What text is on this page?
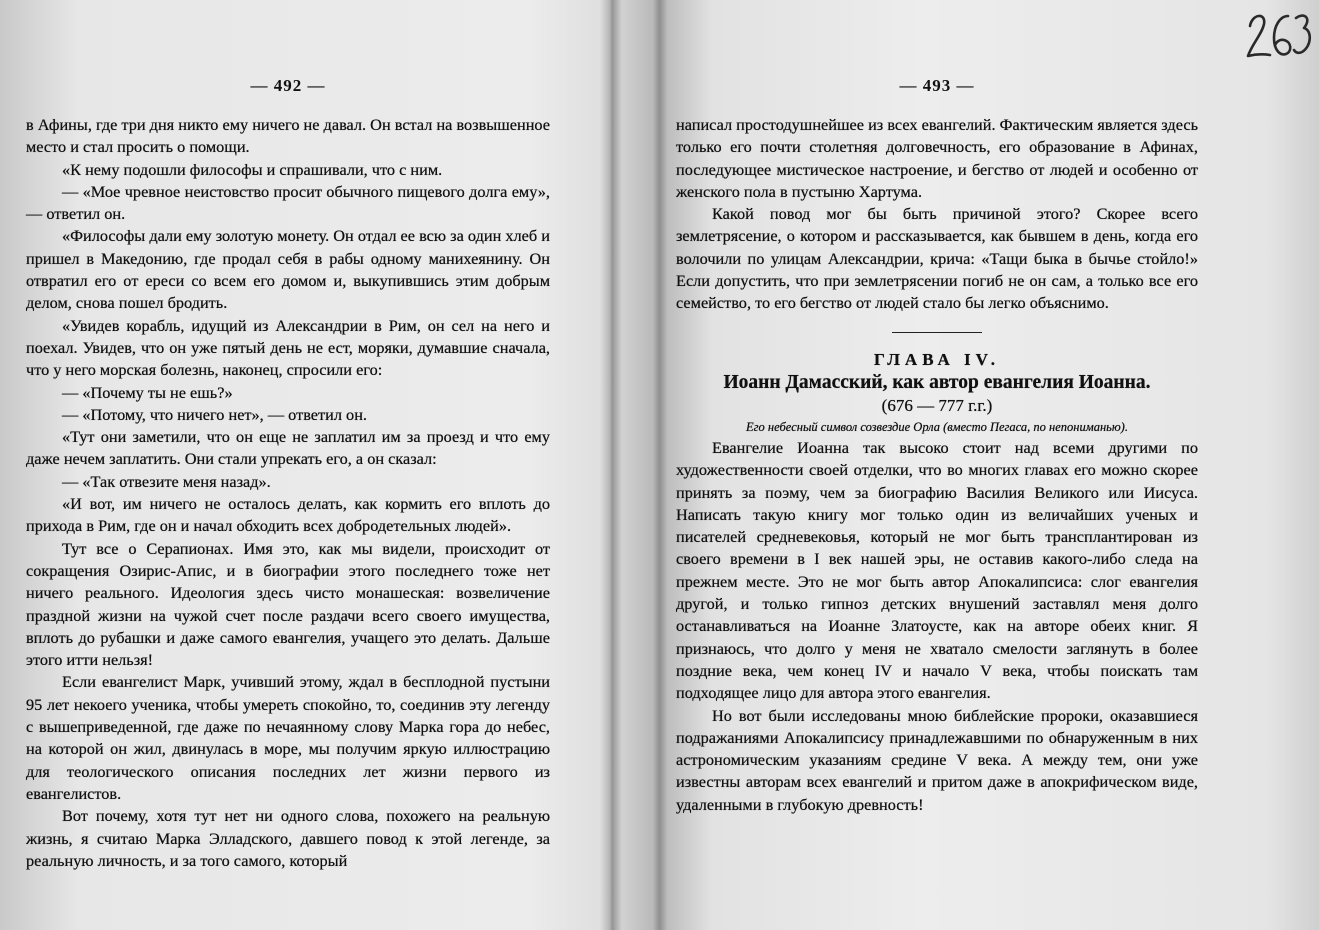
— 492 —

в Афины, где три дня никто ему ничего не давал. Он встал на возвышенное место и стал просить о помощи.

«К нему подошли философы и спрашивали, что с ним.

— «Мое чревное неистовство просит обычного пищевого долга ему», — ответил он.

«Философы дали ему золотую монету. Он отдал ее всю за один хлеб и пришел в Македонию, где продал себя в рабы одному манихеянину. Он отвратил его от ереси со всем его домом и, выкупившись этим добрым делом, снова пошел бродить.

«Увидев корабль, идущий из Александрии в Рим, он сел на него и поехал. Увидев, что он уже пятый день не ест, моряки, думавшие сначала, что у него морская болезнь, наконец, спросили его:

— «Почему ты не ешь?»

— «Потому, что ничего нет», — ответил он.

«Тут они заметили, что он еще не заплатил им за проезд и что ему даже нечем заплатить. Они стали упрекать его, а он сказал:

— «Так отвезите меня назад».

«И вот, им ничего не осталось делать, как кормить его вплоть до прихода в Рим, где он и начал обходить всех добродетельных людей».

Тут все о Серапионах. Имя это, как мы видели, происходит от сокращения Озирис-Апис, и в биографии этого последнего тоже нет ничего реального. Идеология здесь чисто монашеская: возвеличение праздной жизни на чужой счет после раздачи всего своего имущества, вплоть до рубашки и даже самого евангелия, учащего это делать. Дальше этого итти нельзя!

Если евангелист Марк, учивший этому, ждал в бесплодной пустыни 95 лет некоего ученика, чтобы умереть спокойно, то, соединив эту легенду с вышеприведенной, где даже по нечаянному слову Марка гора до небес, на которой он жил, двинулась в море, мы получим яркую иллюстрацию для теологического описания последних лет жизни первого из евангелистов.

Вот почему, хотя тут нет ни одного слова, похожего на реальную жизнь, я считаю Марка Элладского, давшего повод к этой легенде, за реальную личность, и за того самого, который

— 493 —

написал простодушнейшее из всех евангелий. Фактическим является здесь только его почти столетняя долговечность, его образование в Афинах, последующее мистическое настроение, и бегство от людей и особенно от женского пола в пустыню Хартума.

Какой повод мог бы быть причиной этого? Скорее всего землетрясение, о котором и рассказывается, как бывшем в день, когда его волочили по улицам Александрии, крича: «Тащи быка в бычье стойло!» Если допустить, что при землетрясении погиб не он сам, а только все его семейство, то его бегство от людей стало бы легко объяснимо.

ГЛАВА IV.

Иоанн Дамасский, как автор евангелия Иоанна.

(676 — 777 г.г.)

Его небесный символ созвездие Орла (вместо Пегаса, по непониманью).

Евангелие Иоанна так высоко стоит над всеми другими по художественности своей отделки, что во многих главах его можно скорее принять за поэму, чем за биографию Василия Великого или Иисуса. Написать такую книгу мог только один из величайших ученых и писателей средневековья, который не мог быть трансплантирован из своего времени в I век нашей эры, не оставив какого-либо следа на прежнем месте. Это не мог быть автор Апокалипсиса: слог евангелия другой, и только гипноз детских внушений заставлял меня долго останавливаться на Иоанне Златоусте, как на авторе обеих книг. Я признаюсь, что долго у меня не хватало смелости заглянуть в более поздние века, чем конец IV и начало V века, чтобы поискать там подходящее лицо для автора этого евангелия.

Но вот были исследованы мною библейские пророки, оказавшиеся подражаниями Апокалипсису принадлежавшими по обнаруженным в них астрономическим указаниям средине V века. А между тем, они уже известны авторам всех евангелий и притом даже в апокрифическом виде, удаленными в глубокую древность!
